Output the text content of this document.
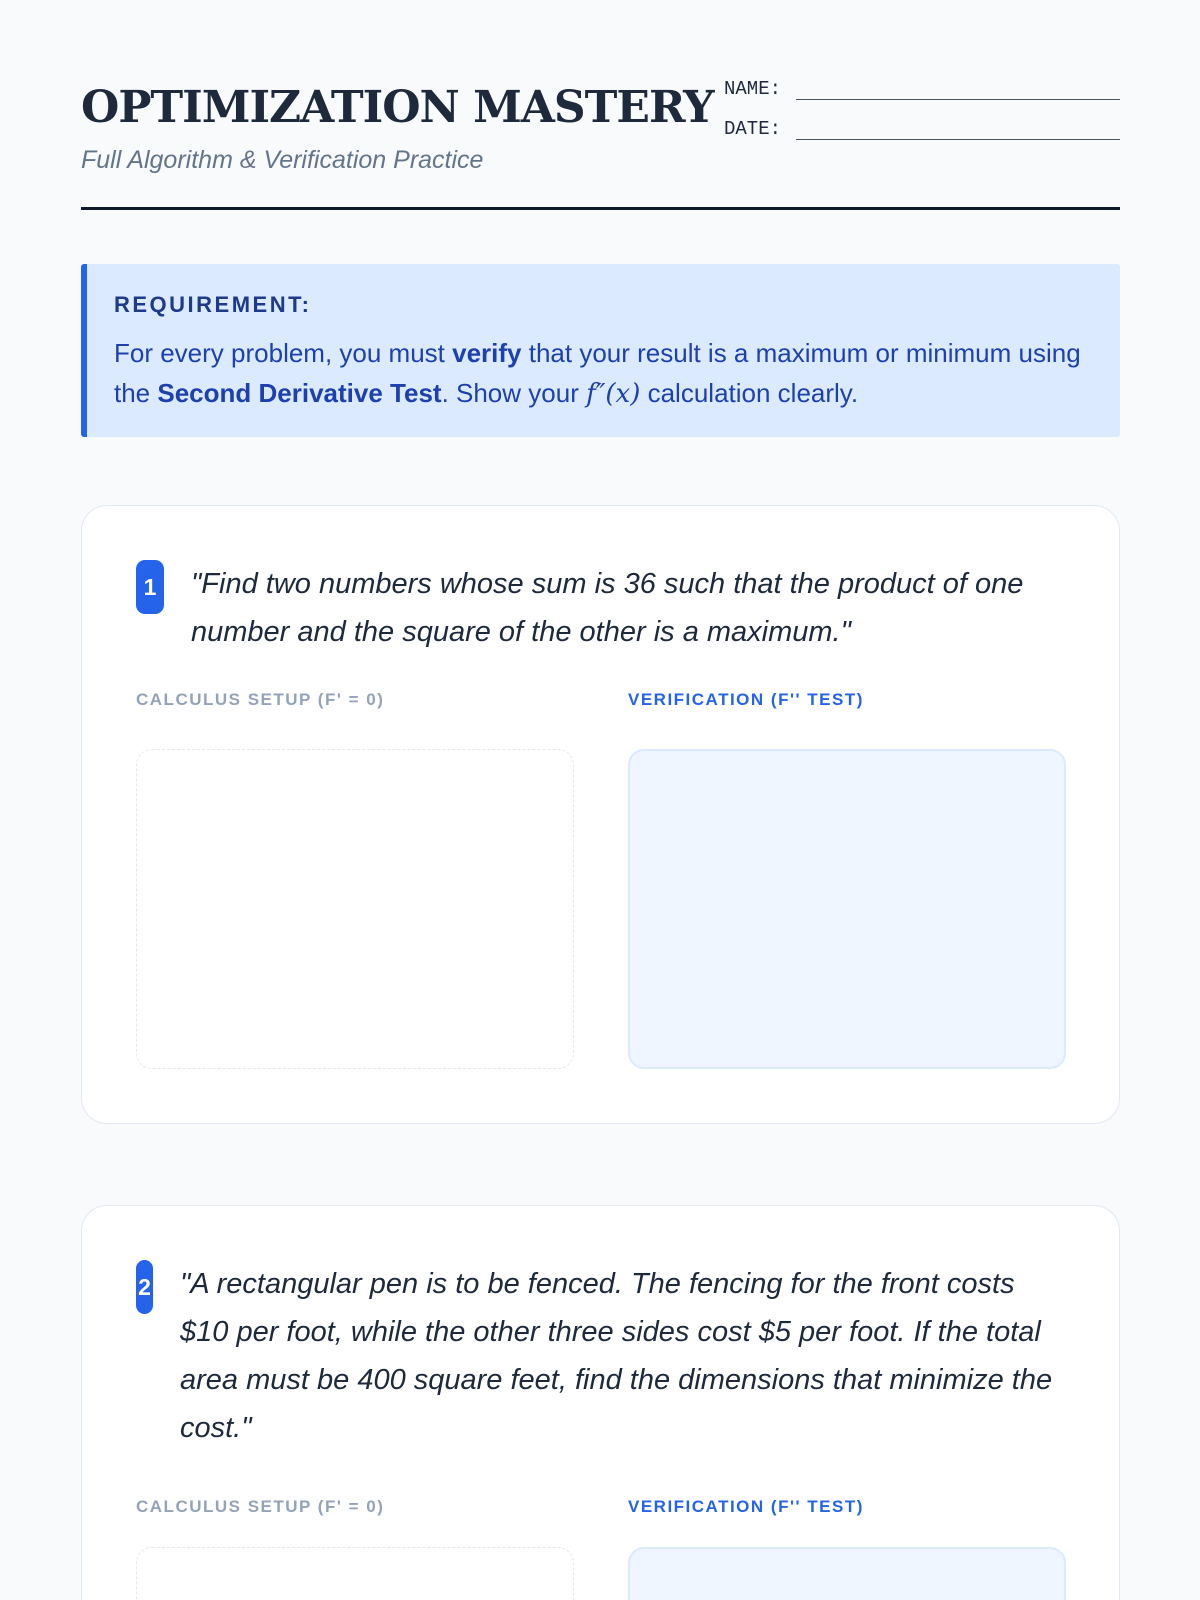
OPTIMIZATION MASTERY
Full Algorithm & Verification Practice
NAME:
DATE:
REQUIREMENT:
For every problem, you must verify that your result is a maximum or minimum using the Second Derivative Test. Show your f″(x) calculation clearly.
1 "Find two numbers whose sum is 36 such that the product of one number and the square of the other is a maximum."
CALCULUS SETUP (F' = 0)	VERIFICATION (F'' TEST)
2 "A rectangular pen is to be fenced. The fencing for the front costs $10 per foot, while the other three sides cost $5 per foot. If the total area must be 400 square feet, find the dimensions that minimize the cost."
CALCULUS SETUP (F' = 0)	VERIFICATION (F'' TEST)
